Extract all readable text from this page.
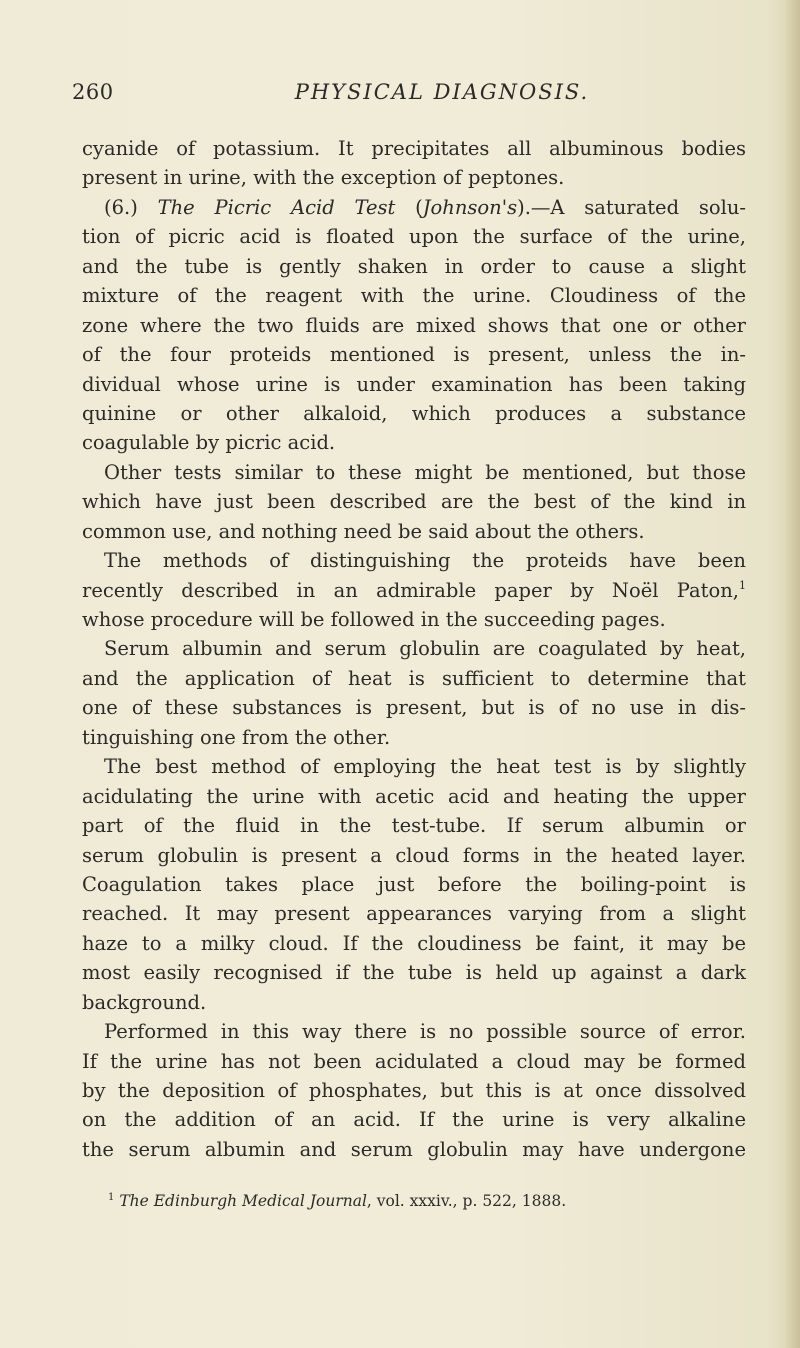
260	PHYSICAL DIAGNOSIS.
cyanide of potassium. It precipitates all albuminous bodies
present in urine, with the exception of peptones.
(6.) The Picric Acid Test (Johnson's).—A saturated solu-
tion of picric acid is floated upon the surface of the urine,
and the tube is gently shaken in order to cause a slight
mixture of the reagent with the urine. Cloudiness of the
zone where the two fluids are mixed shows that one or other
of the four proteids mentioned is present, unless the in-
dividual whose urine is under examination has been taking
quinine or other alkaloid, which produces a substance
coagulable by picric acid.
Other tests similar to these might be mentioned, but those
which have just been described are the best of the kind in
common use, and nothing need be said about the others.
The methods of distinguishing the proteids have been
recently described in an admirable paper by Noël Paton,$^1$
whose procedure will be followed in the succeeding pages.
Serum albumin and serum globulin are coagulated by heat,
and the application of heat is sufficient to determine that
one of these substances is present, but is of no use in dis-
tinguishing one from the other.
The best method of employing the heat test is by slightly
acidulating the urine with acetic acid and heating the upper
part of the fluid in the test-tube. If serum albumin or
serum globulin is present a cloud forms in the heated layer.
Coagulation takes place just before the boiling-point is
reached. It may present appearances varying from a slight
haze to a milky cloud. If the cloudiness be faint, it may be
most easily recognised if the tube is held up against a dark
background.
Performed in this way there is no possible source of error.
If the urine has not been acidulated a cloud may be formed
by the deposition of phosphates, but this is at once dissolved
on the addition of an acid. If the urine is very alkaline
the serum albumin and serum globulin may have undergone
$^1$ The Edinburgh Medical Journal, vol. xxxiv., p. 522, 1888.
